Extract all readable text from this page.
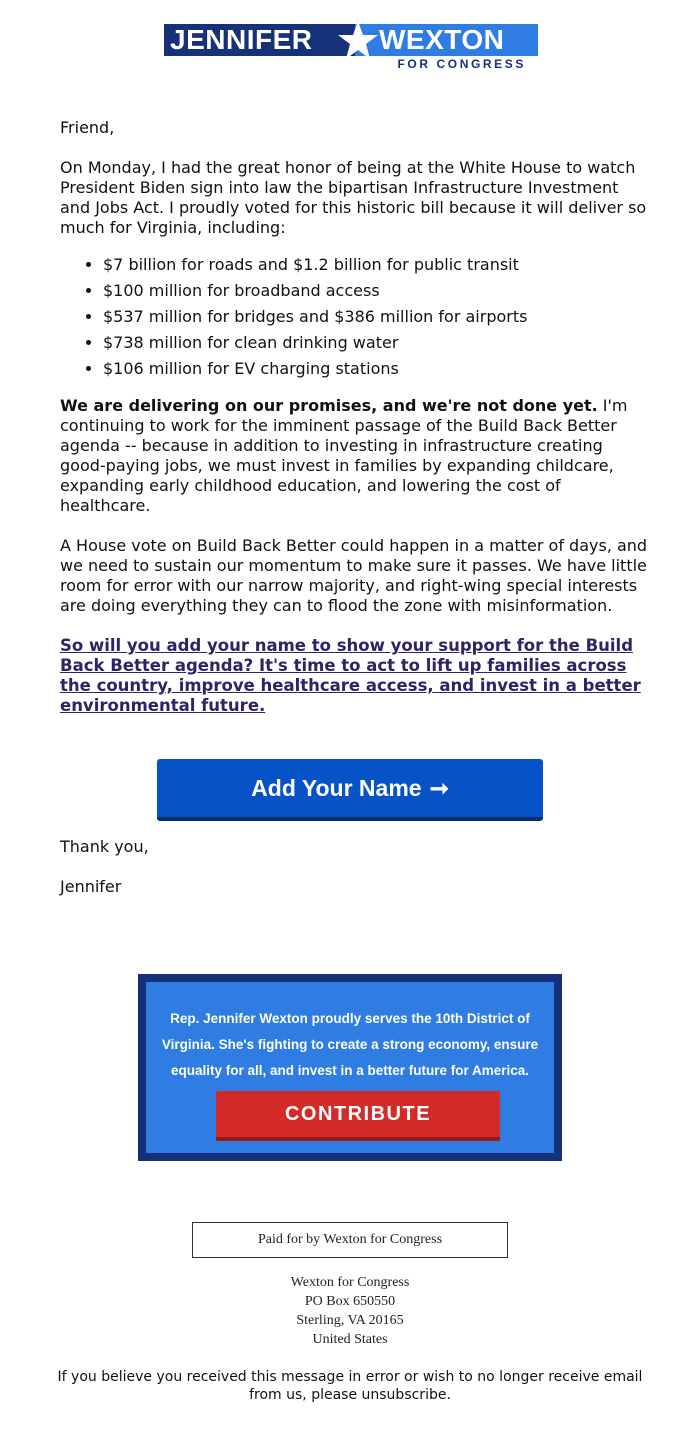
JENNIFER WEXTON
FOR CONGRESS

Friend,

On Monday, I had the great honor of being at the White House to watch President Biden sign into law the bipartisan Infrastructure Investment and Jobs Act. I proudly voted for this historic bill because it will deliver so much for Virginia, including:

• $7 billion for roads and $1.2 billion for public transit
• $100 million for broadband access
• $537 million for bridges and $386 million for airports
• $738 million for clean drinking water
• $106 million for EV charging stations

We are delivering on our promises, and we're not done yet. I'm continuing to work for the imminent passage of the Build Back Better agenda -- because in addition to investing in infrastructure creating good-paying jobs, we must invest in families by expanding childcare, expanding early childhood education, and lowering the cost of healthcare.

A House vote on Build Back Better could happen in a matter of days, and we need to sustain our momentum to make sure it passes. We have little room for error with our narrow majority, and right-wing special interests are doing everything they can to flood the zone with misinformation.

So will you add your name to show your support for the Build Back Better agenda? It's time to act to lift up families across the country, improve healthcare access, and invest in a better environmental future.
Add Your Name ➞

Thank you,

Jennifer

Rep. Jennifer Wexton proudly serves the 10th District of Virginia. She's fighting to create a strong economy, ensure equality for all, and invest in a better future for America.

CONTRIBUTE
Paid for by Wexton for Congress
Wexton for Congress
PO Box 650550
Sterling, VA 20165
United States

If you believe you received this message in error or wish to no longer receive email from us, please unsubscribe.
